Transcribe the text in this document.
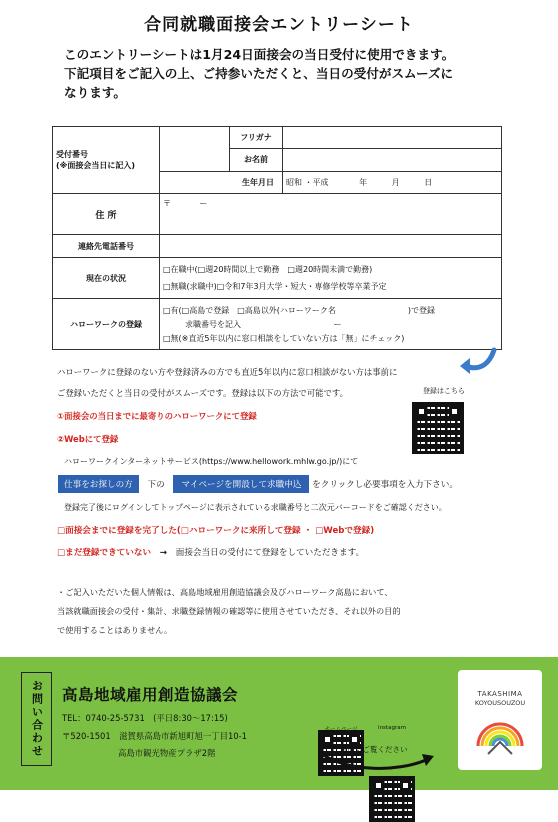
合同就職面接会エントリーシート
このエントリーシートは1月24日面接会の当日受付に使用できます。
下記項目をご記入の上、ご持参いただくと、当日の受付がスムーズに
なります。
受付番号
(※面接会当日に記入)		フリガナ	
		お名前	
	生年月日		昭和 ・平成 年 月 日
住 所	〒 ー		
連絡先電話番号			
現在の状況	□在職中(□週20時間以上で勤務　□週20時間未満で勤務)
□無職(求職中)□令和7年3月大学・短大・専修学校等卒業予定		

ハローワークの登録	□有(□高島で登録　□高島以外(ハローワーク名　　　　　　　　　)で登録
求職番号を記入 ー
□無(※直近5年以内に窓口相談をしていない方は「無」にチェック)		
ハローワークに登録のない方や登録済みの方でも直近5年以内に窓口相談がない方は事前に
ご登録いただくと当日の受付がスムーズです。登録は以下の方法で可能です。	登録はこちら
①面接会の当日までに最寄りのハローワークにて登録
②Webにて登録
ハローワークインターネットサービス(https://www.hellowork.mhlw.go.jp/)にて
仕事をお探しの方 下の マイページを開設して求職申込 をクリックし必要事項を入力下さい。
登録完了後にログインしてトップページに表示されている求職番号と二次元バーコードをご確認ください。
□面接会までに登録を完了した(□ハローワークに来所して登録 ・ □Webで登録)
□まだ登録できていない → 面接会当日の受付にて登録をしていただきます。
・ご記入いただいた個人情報は、高島地域雇用創造協議会及びハローワーク高島において、
当該就職面接会の受付・集計、求職登録情報の確認等に使用させていただき、それ以外の目的
で使用することはありません。
お問い合わせ	高島地域雇用創造協議会
TEL：0740-25-5731　(平日8:30〜17:15)
〒520-1501　滋賀県高島市新旭町旭一丁目10-1
高島市観光物産プラザ2階
ホームページ	instagram
裏面もご覧ください
TAKASHIMA
KOYOUSOUZOU
